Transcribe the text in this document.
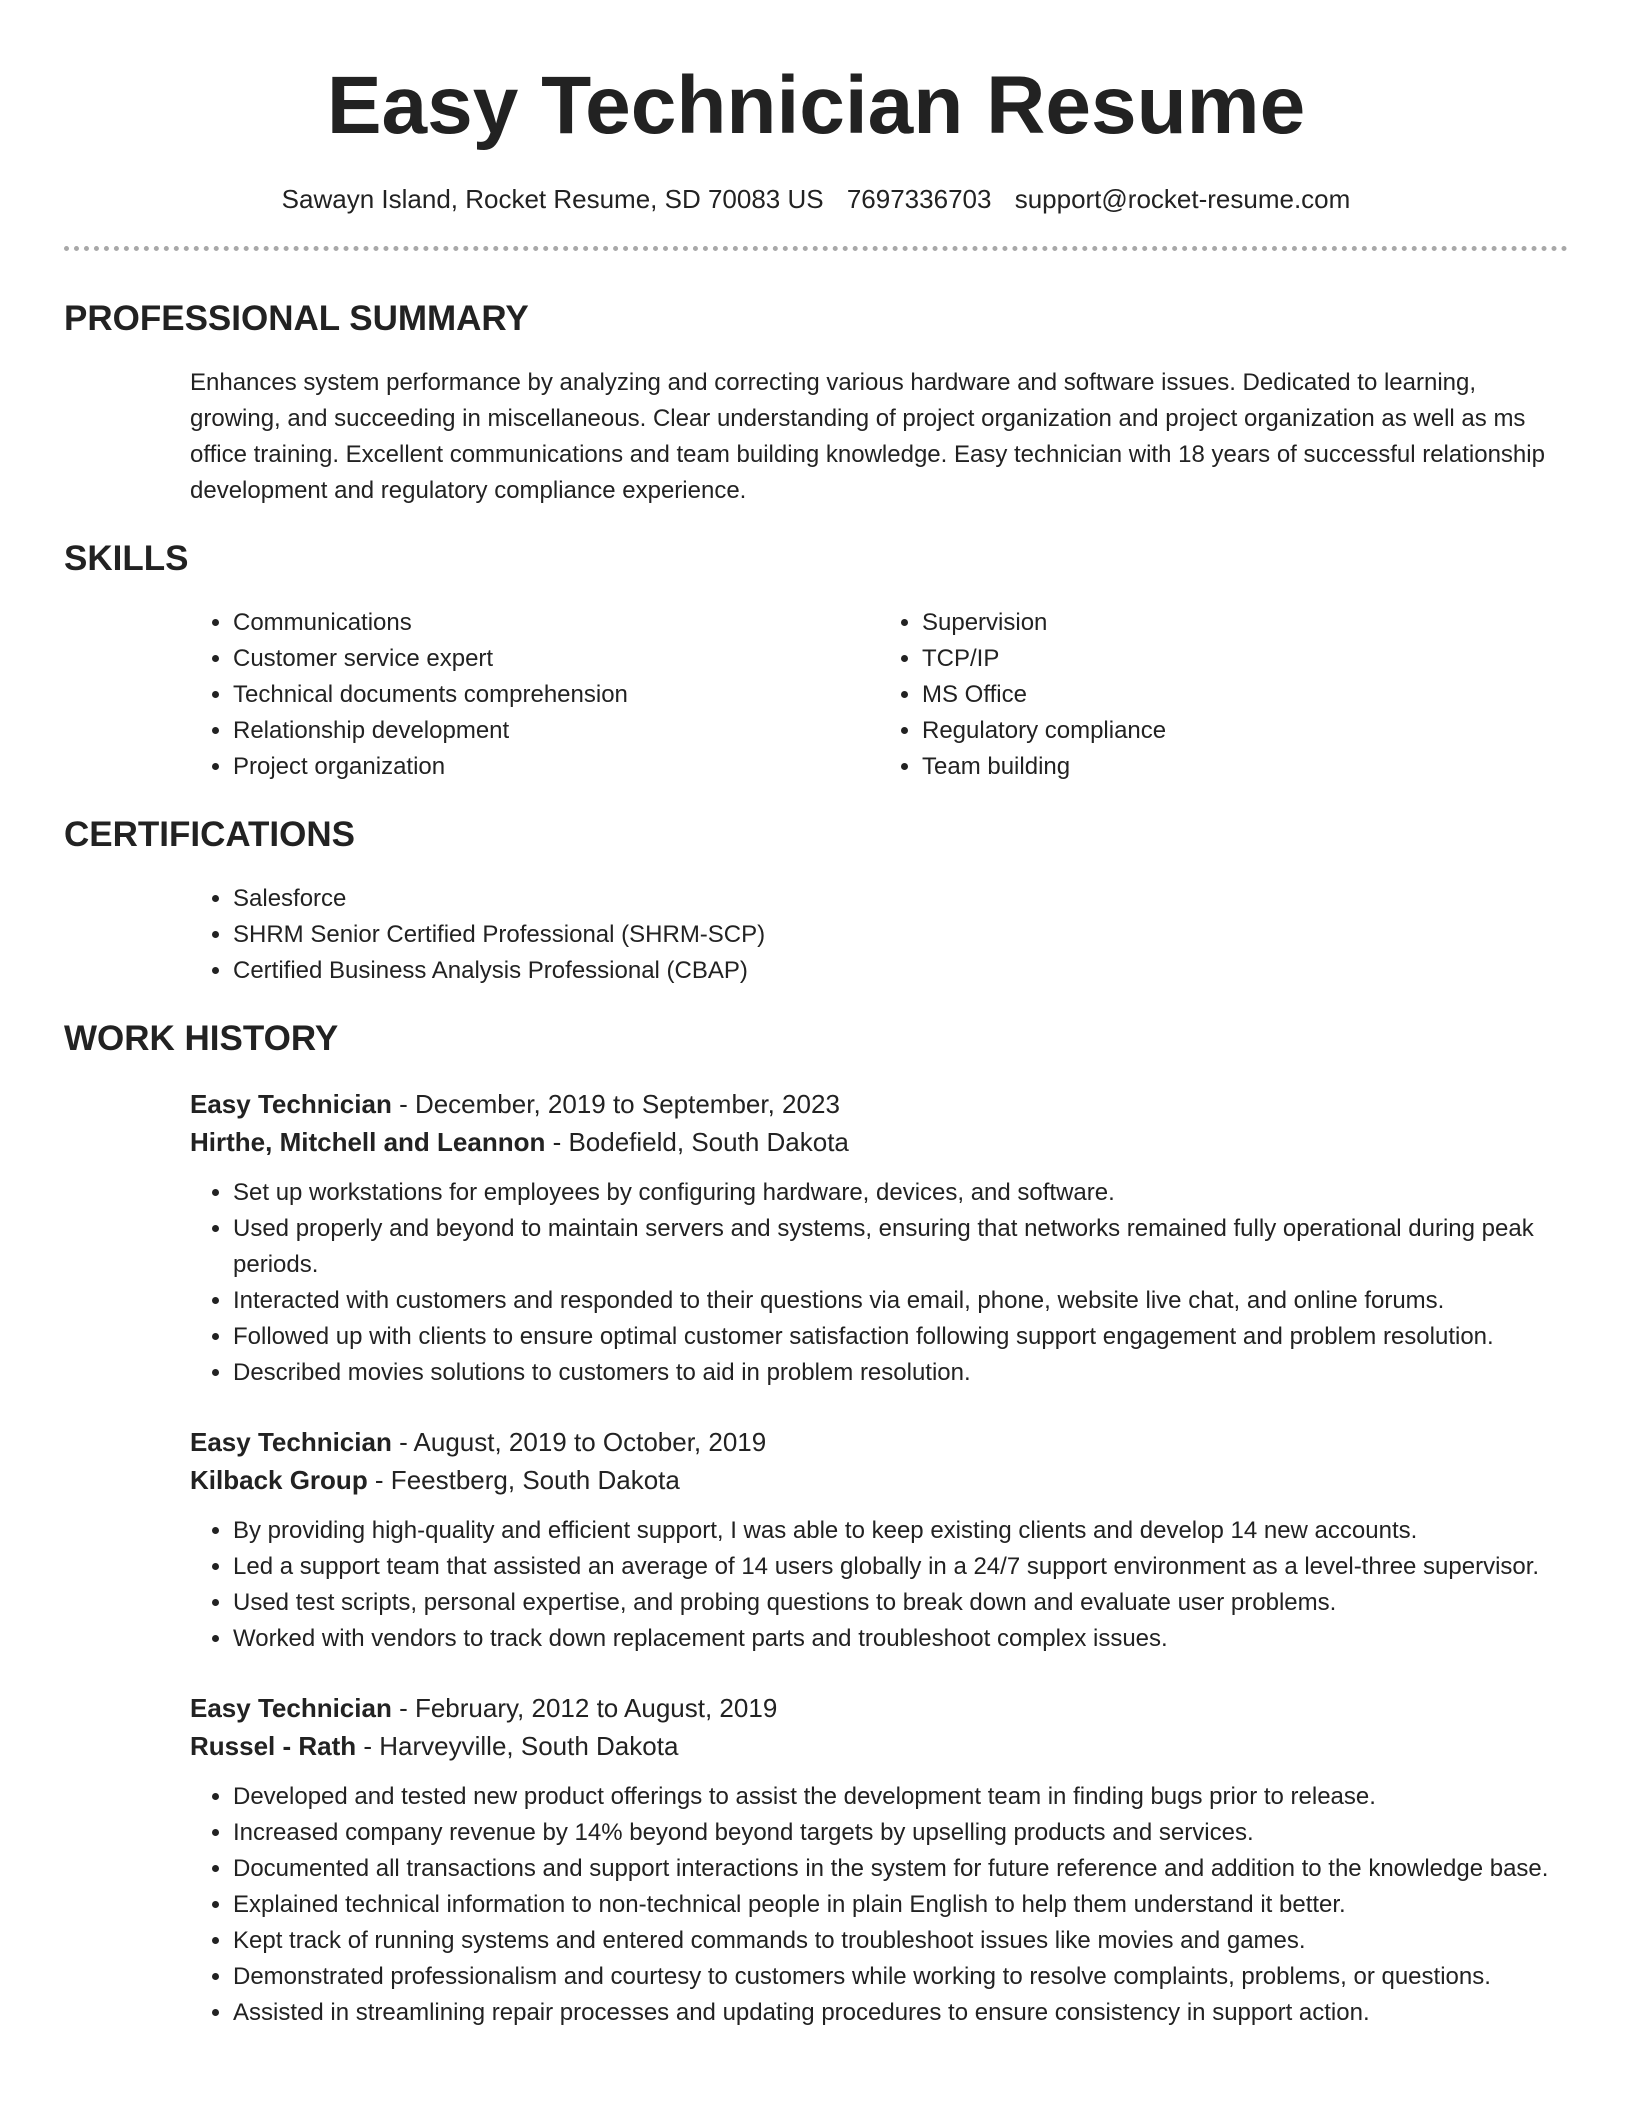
Easy Technician Resume
Sawayn Island, Rocket Resume, SD 70083 US 7697336703 support@rocket-resume.com
PROFESSIONAL SUMMARY
Enhances system performance by analyzing and correcting various hardware and software issues. Dedicated to learning, growing, and succeeding in miscellaneous. Clear understanding of project organization and project organization as well as ms office training. Excellent communications and team building knowledge. Easy technician with 18 years of successful relationship development and regulatory compliance experience.
SKILLS
• Communications
• Customer service expert
• Technical documents comprehension
• Relationship development
• Project organization
• Supervision
• TCP/IP
• MS Office
• Regulatory compliance
• Team building
CERTIFICATIONS
• Salesforce
• SHRM Senior Certified Professional (SHRM-SCP)
• Certified Business Analysis Professional (CBAP)
WORK HISTORY
Easy Technician - December, 2019 to September, 2023
Hirthe, Mitchell and Leannon - Bodefield, South Dakota
• Set up workstations for employees by configuring hardware, devices, and software.
• Used properly and beyond to maintain servers and systems, ensuring that networks remained fully operational during peak periods.
• Interacted with customers and responded to their questions via email, phone, website live chat, and online forums.
• Followed up with clients to ensure optimal customer satisfaction following support engagement and problem resolution.
• Described movies solutions to customers to aid in problem resolution.
Easy Technician - August, 2019 to October, 2019
Kilback Group - Feestberg, South Dakota
• By providing high-quality and efficient support, I was able to keep existing clients and develop 14 new accounts.
• Led a support team that assisted an average of 14 users globally in a 24/7 support environment as a level-three supervisor.
• Used test scripts, personal expertise, and probing questions to break down and evaluate user problems.
• Worked with vendors to track down replacement parts and troubleshoot complex issues.
Easy Technician - February, 2012 to August, 2019
Russel - Rath - Harveyville, South Dakota
• Developed and tested new product offerings to assist the development team in finding bugs prior to release.
• Increased company revenue by 14% beyond beyond targets by upselling products and services.
• Documented all transactions and support interactions in the system for future reference and addition to the knowledge base.
• Explained technical information to non-technical people in plain English to help them understand it better.
• Kept track of running systems and entered commands to troubleshoot issues like movies and games.
• Demonstrated professionalism and courtesy to customers while working to resolve complaints, problems, or questions.
• Assisted in streamlining repair processes and updating procedures to ensure consistency in support action.
